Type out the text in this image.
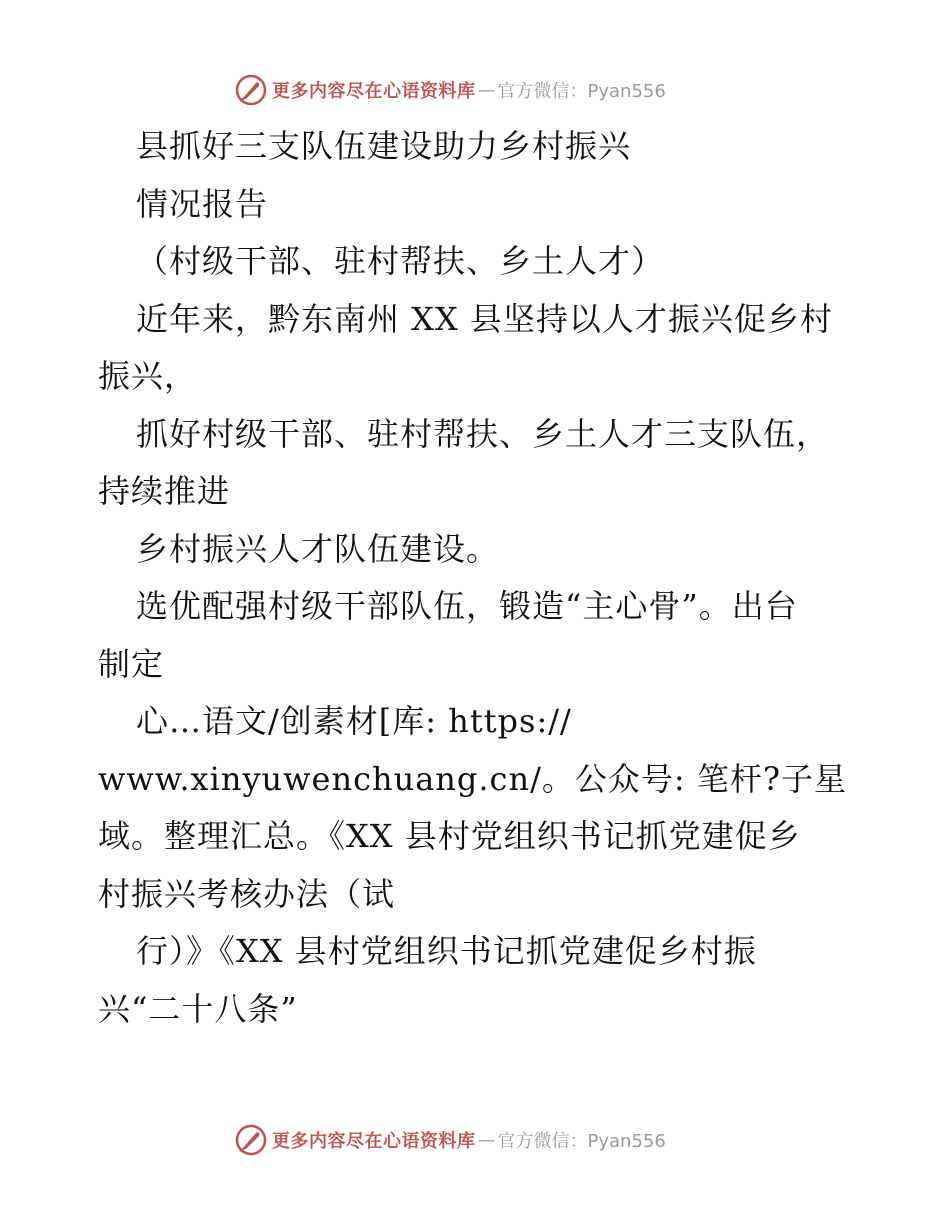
更多内容尽在心语资料库 — 官方微信：Pyan556
县抓好三支队伍建设助力乡村振兴
情况报告
（村级干部、驻村帮扶、乡土人才）
近年来，黔东南州 XX 县坚持以人才振兴促乡村
振兴，
抓好村级干部、驻村帮扶、乡土人才三支队伍，
持续推进
乡村振兴人才队伍建设。
选优配强村级干部队伍，锻造“主心骨”。出台
制定
心…语文/创素材[库: https://
www.xinyuwenchuang.cn/。公众号: 笔杆?子星
域。整理汇总。《XX 县村党组织书记抓党建促乡
村振兴考核办法（试
行）》《XX 县村党组织书记抓党建促乡村振
兴“二十八条”
更多内容尽在心语资料库 — 官方微信：Pyan556
